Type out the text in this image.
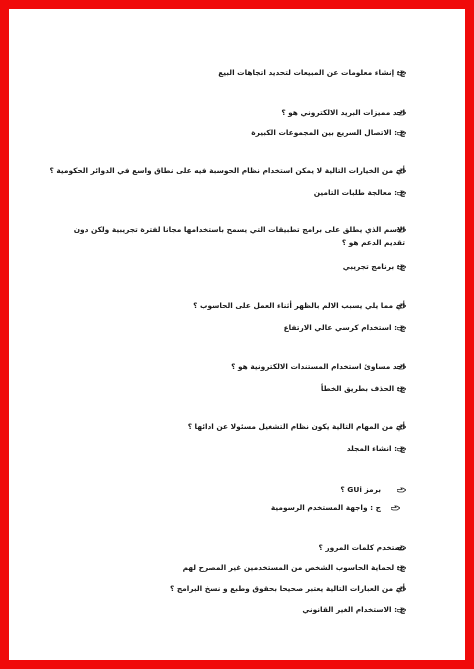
ج: إنشاء معلومات عن المبيعات لتحديد اتجاهات البيع
احد مميزات البريد الالكتروني هو ؟
ج : الاتصال السريع بين المجموعات الكبيرة
أي من الخيارات التالية لا يمكن استخدام نظام الحوسبة فيه على نطاق واسع في الدوائر الحكومية ؟
ج : معالجة طلبات التامين
الاسم الذي يطلق على برامج تطبيقات التي يسمح باستخدامها مجانا لفترة تجريبية ولكن دون تقديم الدعم هو ؟
ج: برنامج تجريبي
أي مما يلي يسبب الالم بالظهر أثناء العمل على الحاسوب ؟
ج : استخدام كرسي عالي الارتفاع
احد مساوئ استخدام المستندات الالكترونية هو ؟
ج: الحذف بطريق الخطأ
أي من المهام التالية يكون نظام التشغيل مسئولا عن ادائها ؟
ج : انشاء المجلد
برمز GUi ؟
ج : واجهة المستخدم الرسومية
تستخدم كلمات المرور ؟
ج: لحماية الحاسوب الشخص من المستخدمين غير المصرح لهم
أي من العبارات التالية يعتبر صحيحا بحقوق وطبع و نسخ البرامج ؟
ج : الاستخدام الغير القانوني
